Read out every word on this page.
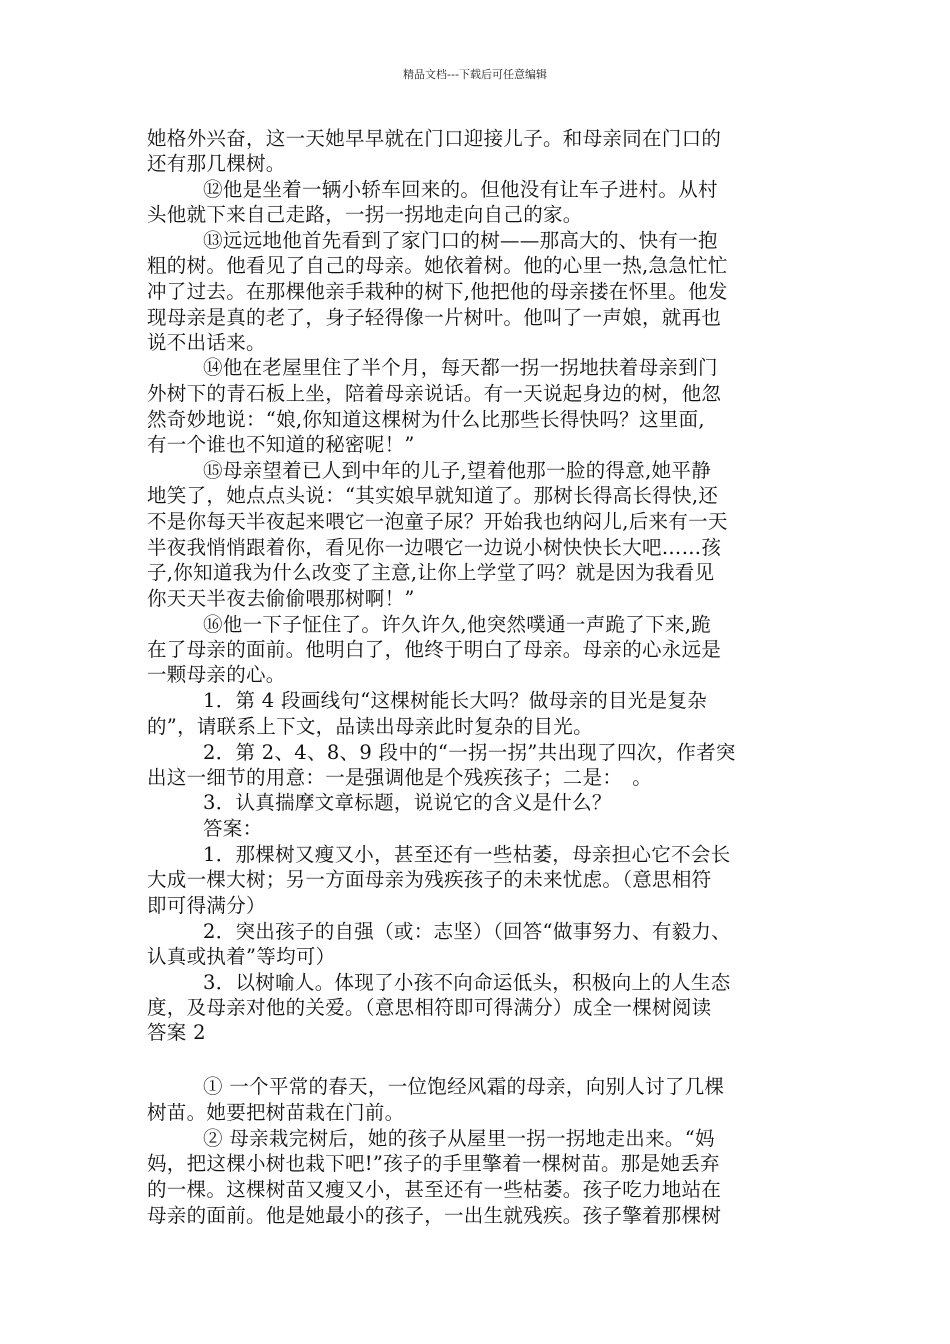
精品文档---下载后可任意编辑
她格外兴奋，这一天她早早就在门口迎接儿子。和母亲同在门口的
还有那几棵树。
⑫他是坐着一辆小轿车回来的。但他没有让车子进村。从村
头他就下来自己走路，一拐一拐地走向自己的家。
⑬远远地他首先看到了家门口的树——那高大的、快有一抱
粗的树。他看见了自己的母亲。她依着树。他的心里一热,急急忙忙
冲了过去。在那棵他亲手栽种的树下,他把他的母亲搂在怀里。他发
现母亲是真的老了，身子轻得像一片树叶。他叫了一声娘，就再也
说不出话来。
⑭他在老屋里住了半个月，每天都一拐一拐地扶着母亲到门
外树下的青石板上坐，陪着母亲说话。有一天说起身边的树，他忽
然奇妙地说：“娘,你知道这棵树为什么比那些长得快吗？这里面,
有一个谁也不知道的秘密呢！”
⑮母亲望着已人到中年的儿子,望着他那一脸的得意,她平静
地笑了，她点点头说：“其实娘早就知道了。那树长得高长得快,还
不是你每天半夜起来喂它一泡童子尿？开始我也纳闷儿,后来有一天
半夜我悄悄跟着你，看见你一边喂它一边说小树快快长大吧……孩
子,你知道我为什么改变了主意,让你上学堂了吗？就是因为我看见
你天天半夜去偷偷喂那树啊！”
⑯他一下子怔住了。许久许久,他突然噗通一声跪了下来,跪
在了母亲的面前。他明白了，他终于明白了母亲。母亲的心永远是
一颗母亲的心。
1．第 4 段画线句“这棵树能长大吗？做母亲的目光是复杂
的”，请联系上下文，品读出母亲此时复杂的目光。
2．第 2、4、8、9 段中的“一拐一拐”共出现了四次，作者突
出这一细节的用意：一是强调他是个残疾孩子；二是：　。
3．认真揣摩文章标题，说说它的含义是什么？
答案：
1．那棵树又瘦又小，甚至还有一些枯萎，母亲担心它不会长
大成一棵大树；另一方面母亲为残疾孩子的未来忧虑。（意思相符
即可得满分）
2．突出孩子的自强（或：志坚）（回答“做事努力、有毅力、
认真或执着”等均可）
3．以树喻人。体现了小孩不向命运低头，积极向上的人生态
度，及母亲对他的关爱。（意思相符即可得满分）成全一棵树阅读
答案 2
① 一个平常的春天，一位饱经风霜的母亲，向别人讨了几棵
树苗。她要把树苗栽在门前。
② 母亲栽完树后，她的孩子从屋里一拐一拐地走出来。“妈
妈，把这棵小树也栽下吧!”孩子的手里擎着一棵树苗。那是她丢弃
的一棵。这棵树苗又瘦又小，甚至还有一些枯萎。孩子吃力地站在
母亲的面前。他是她最小的孩子，一出生就残疾。孩子擎着那棵树
